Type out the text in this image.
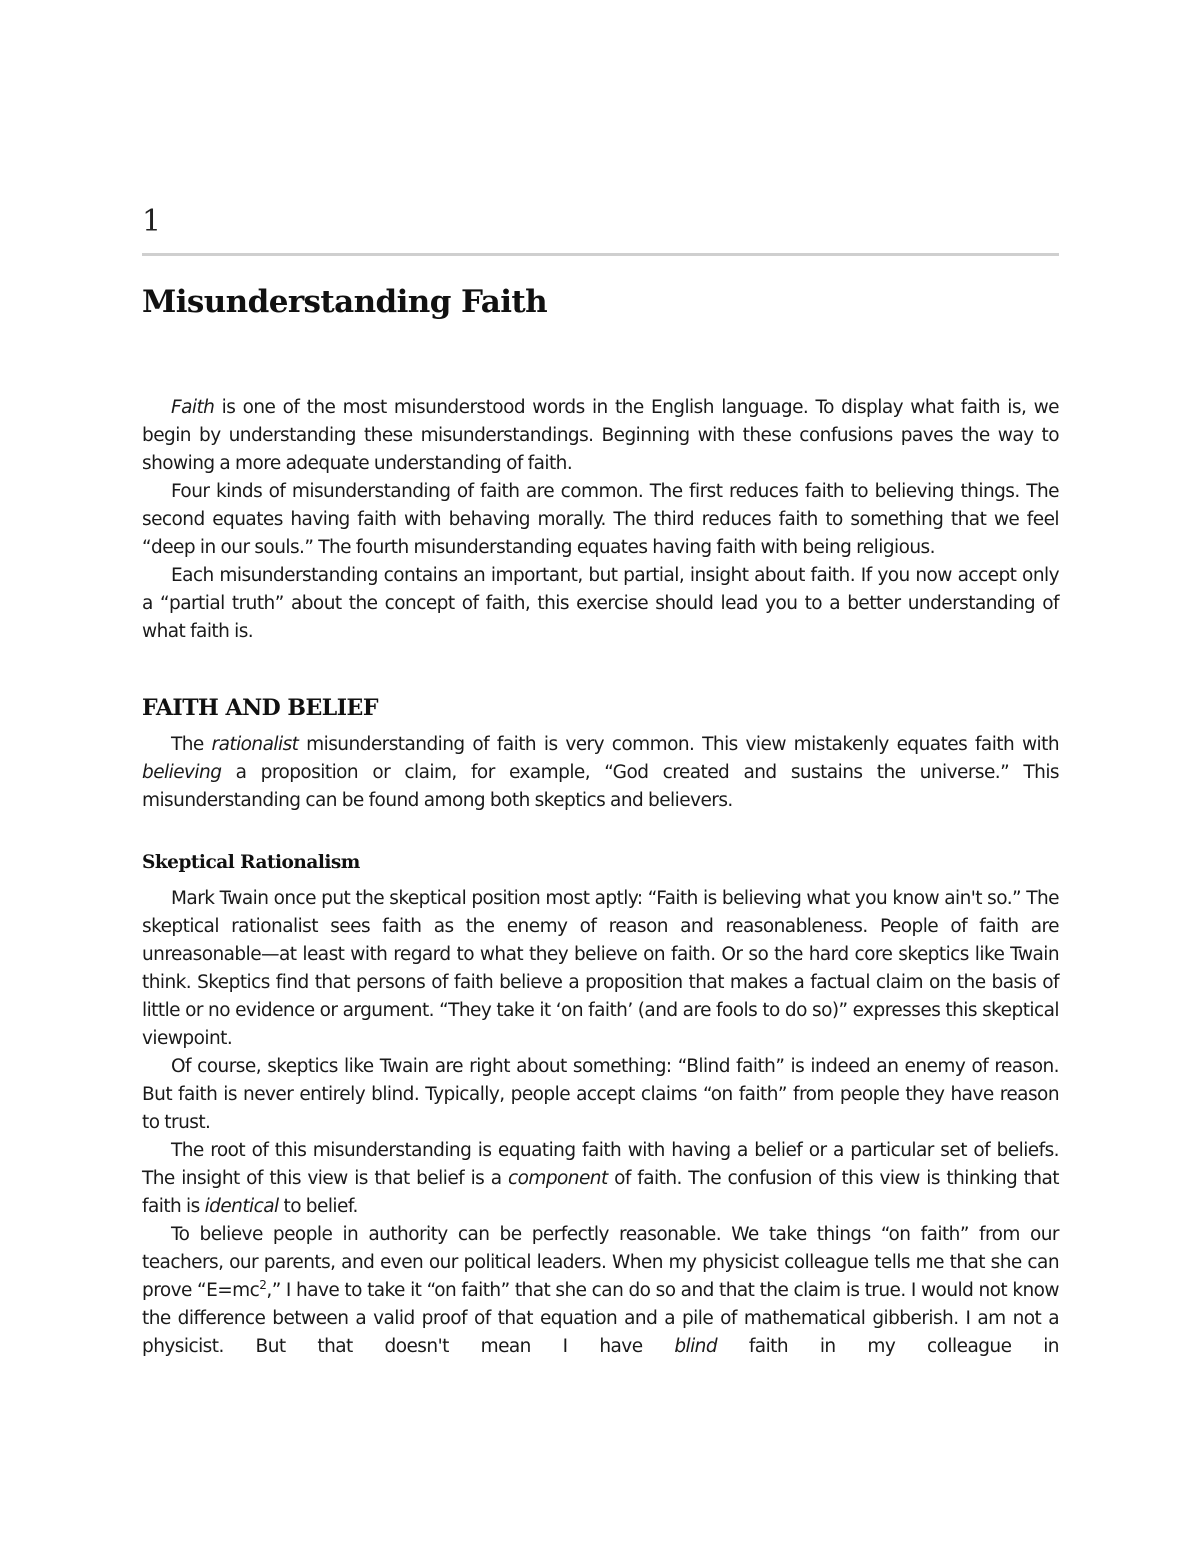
1
Misunderstanding Faith

Faith is one of the most misunderstood words in the English language. To display what faith is, we begin by understanding these misunderstandings. Beginning with these confusions paves the way to showing a more adequate understanding of faith.

Four kinds of misunderstanding of faith are common. The first reduces faith to believing things. The second equates having faith with behaving morally. The third reduces faith to something that we feel “deep in our souls.” The fourth misunderstanding equates having faith with being religious.

Each misunderstanding contains an important, but partial, insight about faith. If you now accept only a “partial truth” about the concept of faith, this exercise should lead you to a better understanding of what faith is.

FAITH AND BELIEF

The rationalist misunderstanding of faith is very common. This view mistakenly equates faith with believing a proposition or claim, for example, “God created and sustains the universe.” This misunderstanding can be found among both skeptics and believers.

Skeptical Rationalism

Mark Twain once put the skeptical position most aptly: “Faith is believing what you know ain't so.” The skeptical rationalist sees faith as the enemy of reason and reasonableness. People of faith are unreasonable—at least with regard to what they believe on faith. Or so the hard core skeptics like Twain think. Skeptics find that persons of faith believe a proposition that makes a factual claim on the basis of little or no evidence or argument. “They take it ‘on faith’ (and are fools to do so)” expresses this skeptical viewpoint.

Of course, skeptics like Twain are right about something: “Blind faith” is indeed an enemy of reason. But faith is never entirely blind. Typically, people accept claims “on faith” from people they have reason to trust.

The root of this misunderstanding is equating faith with having a belief or a particular set of beliefs. The insight of this view is that belief is a component of faith. The confusion of this view is thinking that faith is identical to belief.

To believe people in authority can be perfectly reasonable. We take things “on faith” from our teachers, our parents, and even our political leaders. When my physicist colleague tells me that she can prove “$E=mc^2$,” I have to take it “on faith” that she can do so and that the claim is true. I would not know the difference between a valid proof of that equation and a pile of mathematical gibberish. I am not a physicist. But that doesn't mean I have blind faith in my colleague in
